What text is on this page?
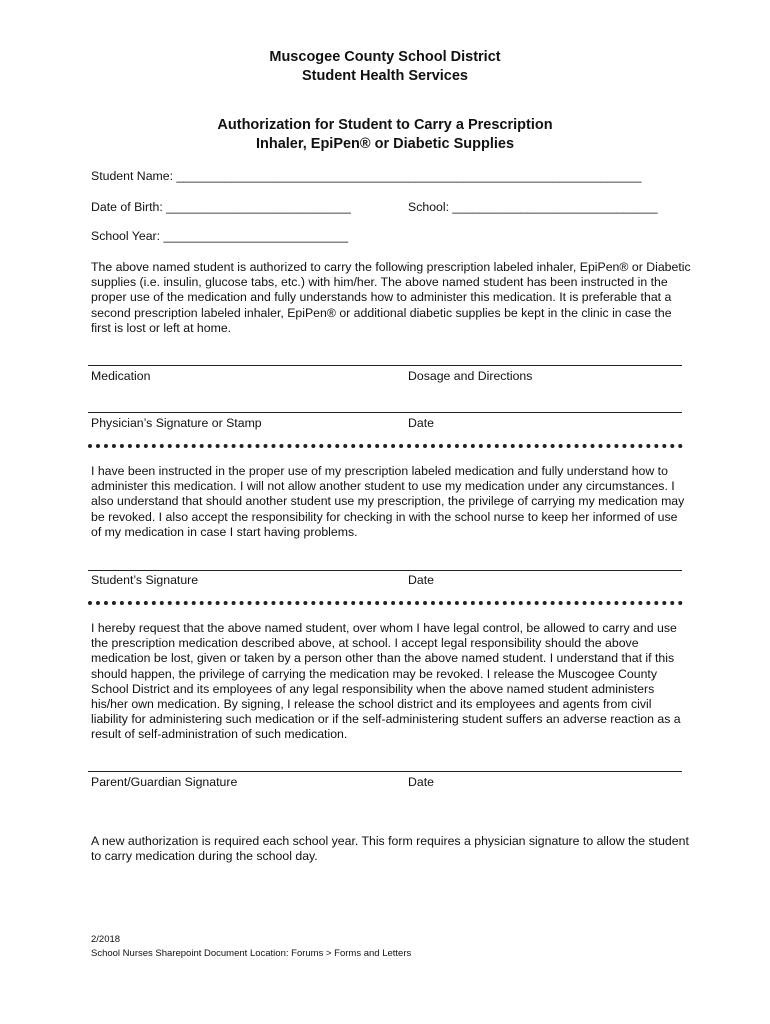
Muscogee County School District
Student Health Services
Authorization for Student to Carry a Prescription
Inhaler, EpiPen® or Diabetic Supplies
Student Name: ____________________________________________________________________
Date of Birth: ___________________________	School: ______________________________
School Year: ___________________________
The above named student is authorized to carry the following prescription labeled inhaler, EpiPen® or Diabetic supplies (i.e. insulin, glucose tabs, etc.) with him/her. The above named student has been instructed in the proper use of the medication and fully understands how to administer this medication. It is preferable that a second prescription labeled inhaler, EpiPen® or additional diabetic supplies be kept in the clinic in case the first is lost or left at home.
Medication	Dosage and Directions
Physician’s Signature or Stamp	Date
I have been instructed in the proper use of my prescription labeled medication and fully understand how to administer this medication. I will not allow another student to use my medication under any circumstances. I also understand that should another student use my prescription, the privilege of carrying my medication may be revoked. I also accept the responsibility for checking in with the school nurse to keep her informed of use of my medication in case I start having problems.
Student’s Signature	Date
I hereby request that the above named student, over whom I have legal control, be allowed to carry and use the prescription medication described above, at school. I accept legal responsibility should the above medication be lost, given or taken by a person other than the above named student. I understand that if this should happen, the privilege of carrying the medication may be revoked. I release the Muscogee County School District and its employees of any legal responsibility when the above named student administers his/her own medication. By signing, I release the school district and its employees and agents from civil liability for administering such medication or if the self-administering student suffers an adverse reaction as a result of self-administration of such medication.
Parent/Guardian Signature	Date
A new authorization is required each school year. This form requires a physician signature to allow the student to carry medication during the school day.
2/2018
School Nurses Sharepoint Document Location: Forums > Forms and Letters
